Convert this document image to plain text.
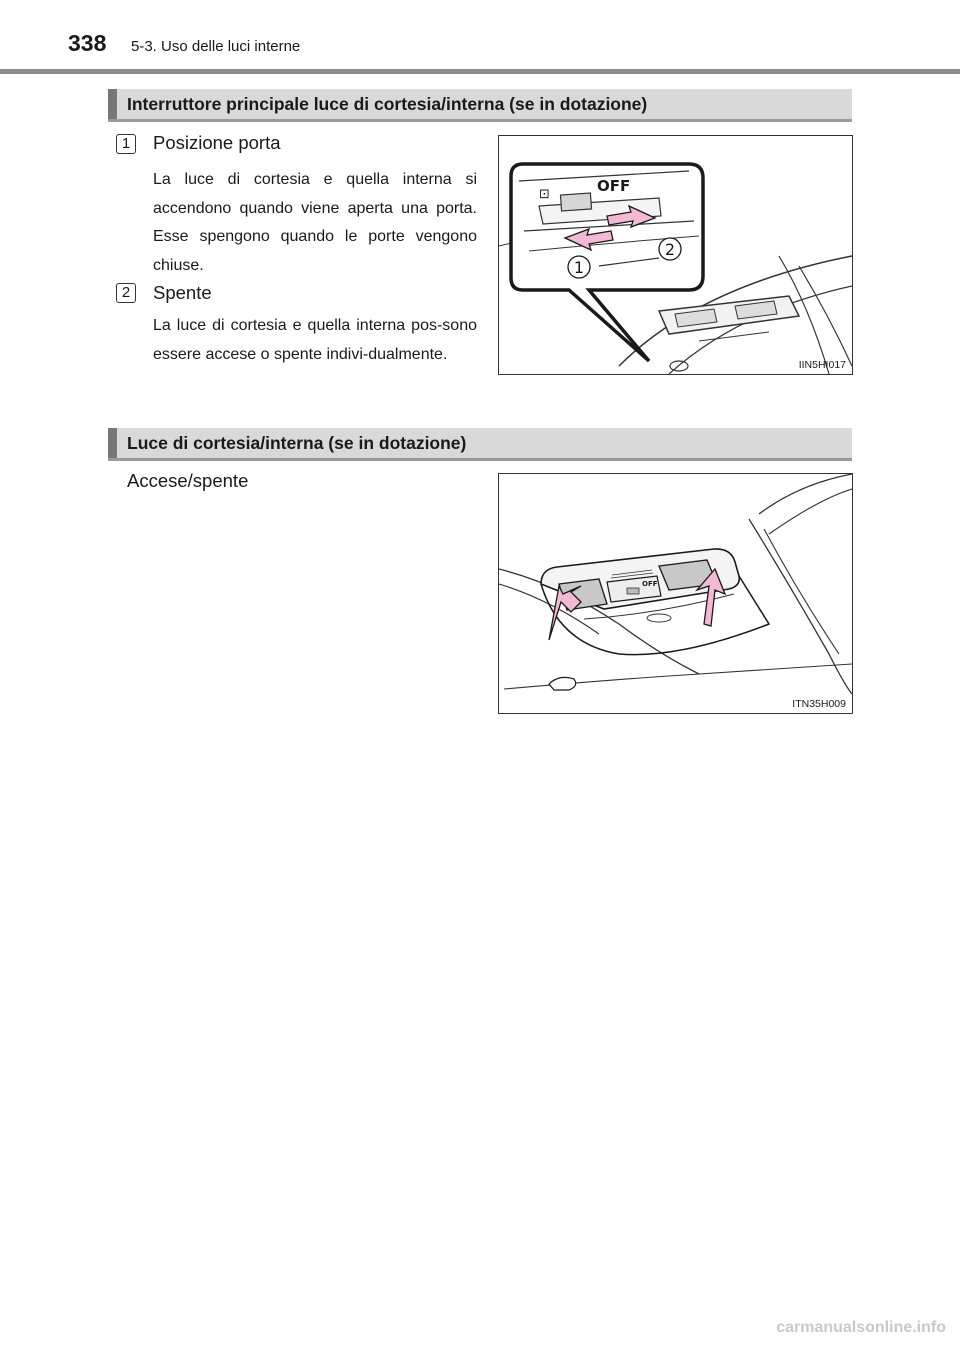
338 5-3. Uso delle luci interne
Interruttore principale luce di cortesia/interna (se in dotazione)
1	Posizione porta
La luce di cortesia e quella interna si accendono quando viene aperta una porta. Esse spengono quando le porte vengono chiuse.
2	Spente
La luce di cortesia e quella interna pos-sono essere accese o spente indivi-dualmente.
⊡	OFF
1
2
IIN5HI017
Luce di cortesia/interna (se in dotazione)
Accese/spente
OFF
ITN35H009
carmanualsonline.info
